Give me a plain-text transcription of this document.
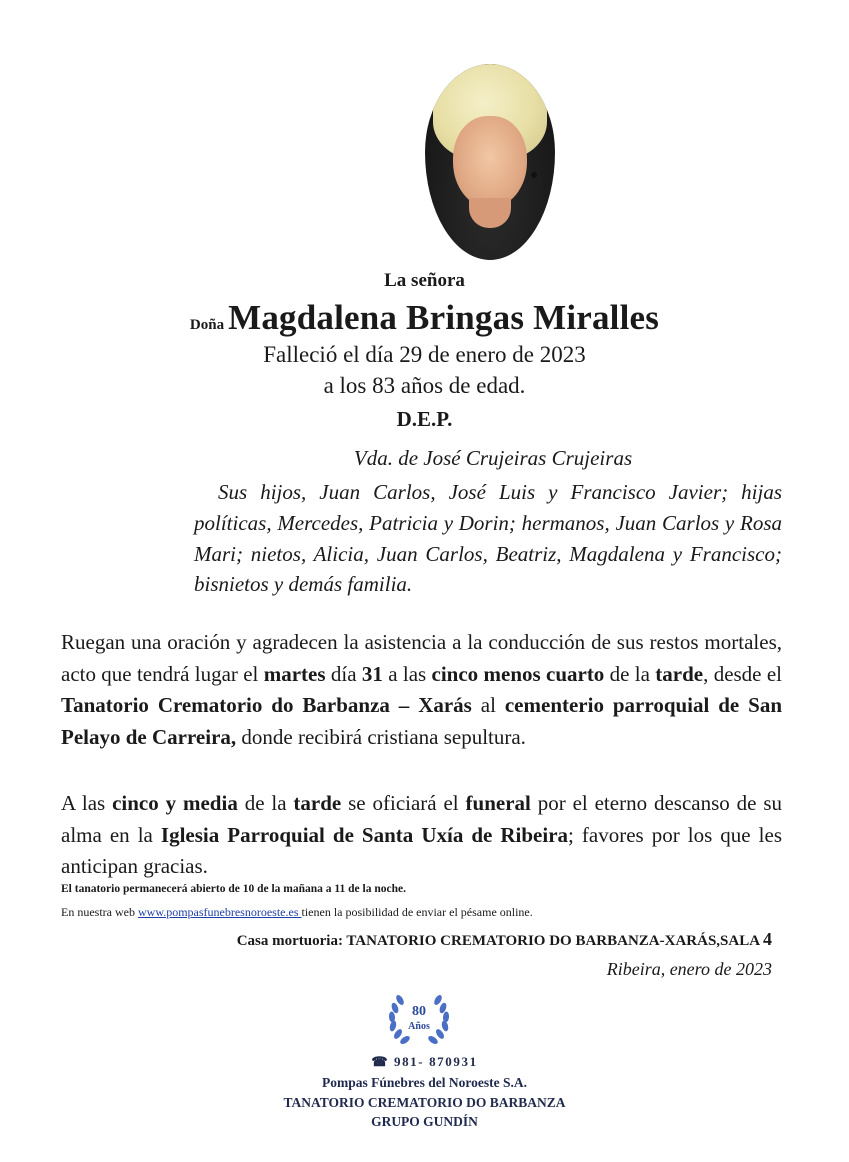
La señora
Doña Magdalena Bringas Miralles
Falleció el día 29 de enero de 2023
a los 83 años de edad.
D.E.P.
Vda. de José Crujeiras Crujeiras
Sus hijos, Juan Carlos, José Luis y Francisco Javier; hijas políticas, Mercedes, Patricia y Dorin; hermanos, Juan Carlos y Rosa Mari; nietos, Alicia, Juan Carlos, Beatriz, Magdalena y Francisco; bisnietos y demás familia.
Ruegan una oración y agradecen la asistencia a la conducción de sus restos mortales, acto que tendrá lugar el martes día 31 a las cinco menos cuarto de la tarde, desde el Tanatorio Crematorio do Barbanza – Xarás al cementerio parroquial de San Pelayo de Carreira, donde recibirá cristiana sepultura.
A las cinco y media de la tarde se oficiará el funeral por el eterno descanso de su alma en la Iglesia Parroquial de Santa Uxía de Ribeira; favores por los que les anticipan gracias.
El tanatorio permanecerá abierto de 10 de la mañana a 11 de la noche.
En nuestra web www.pompasfunebresnoroeste.es tienen la posibilidad de enviar el pésame online.
Casa mortuoria: TANATORIO CREMATORIO DO BARBANZA-XARÁS,SALA 4
Ribeira, enero de 2023
80
Años
☎ 981- 870931
Pompas Fúnebres del Noroeste S.A.
TANATORIO CREMATORIO DO BARBANZA
GRUPO GUNDÍN
